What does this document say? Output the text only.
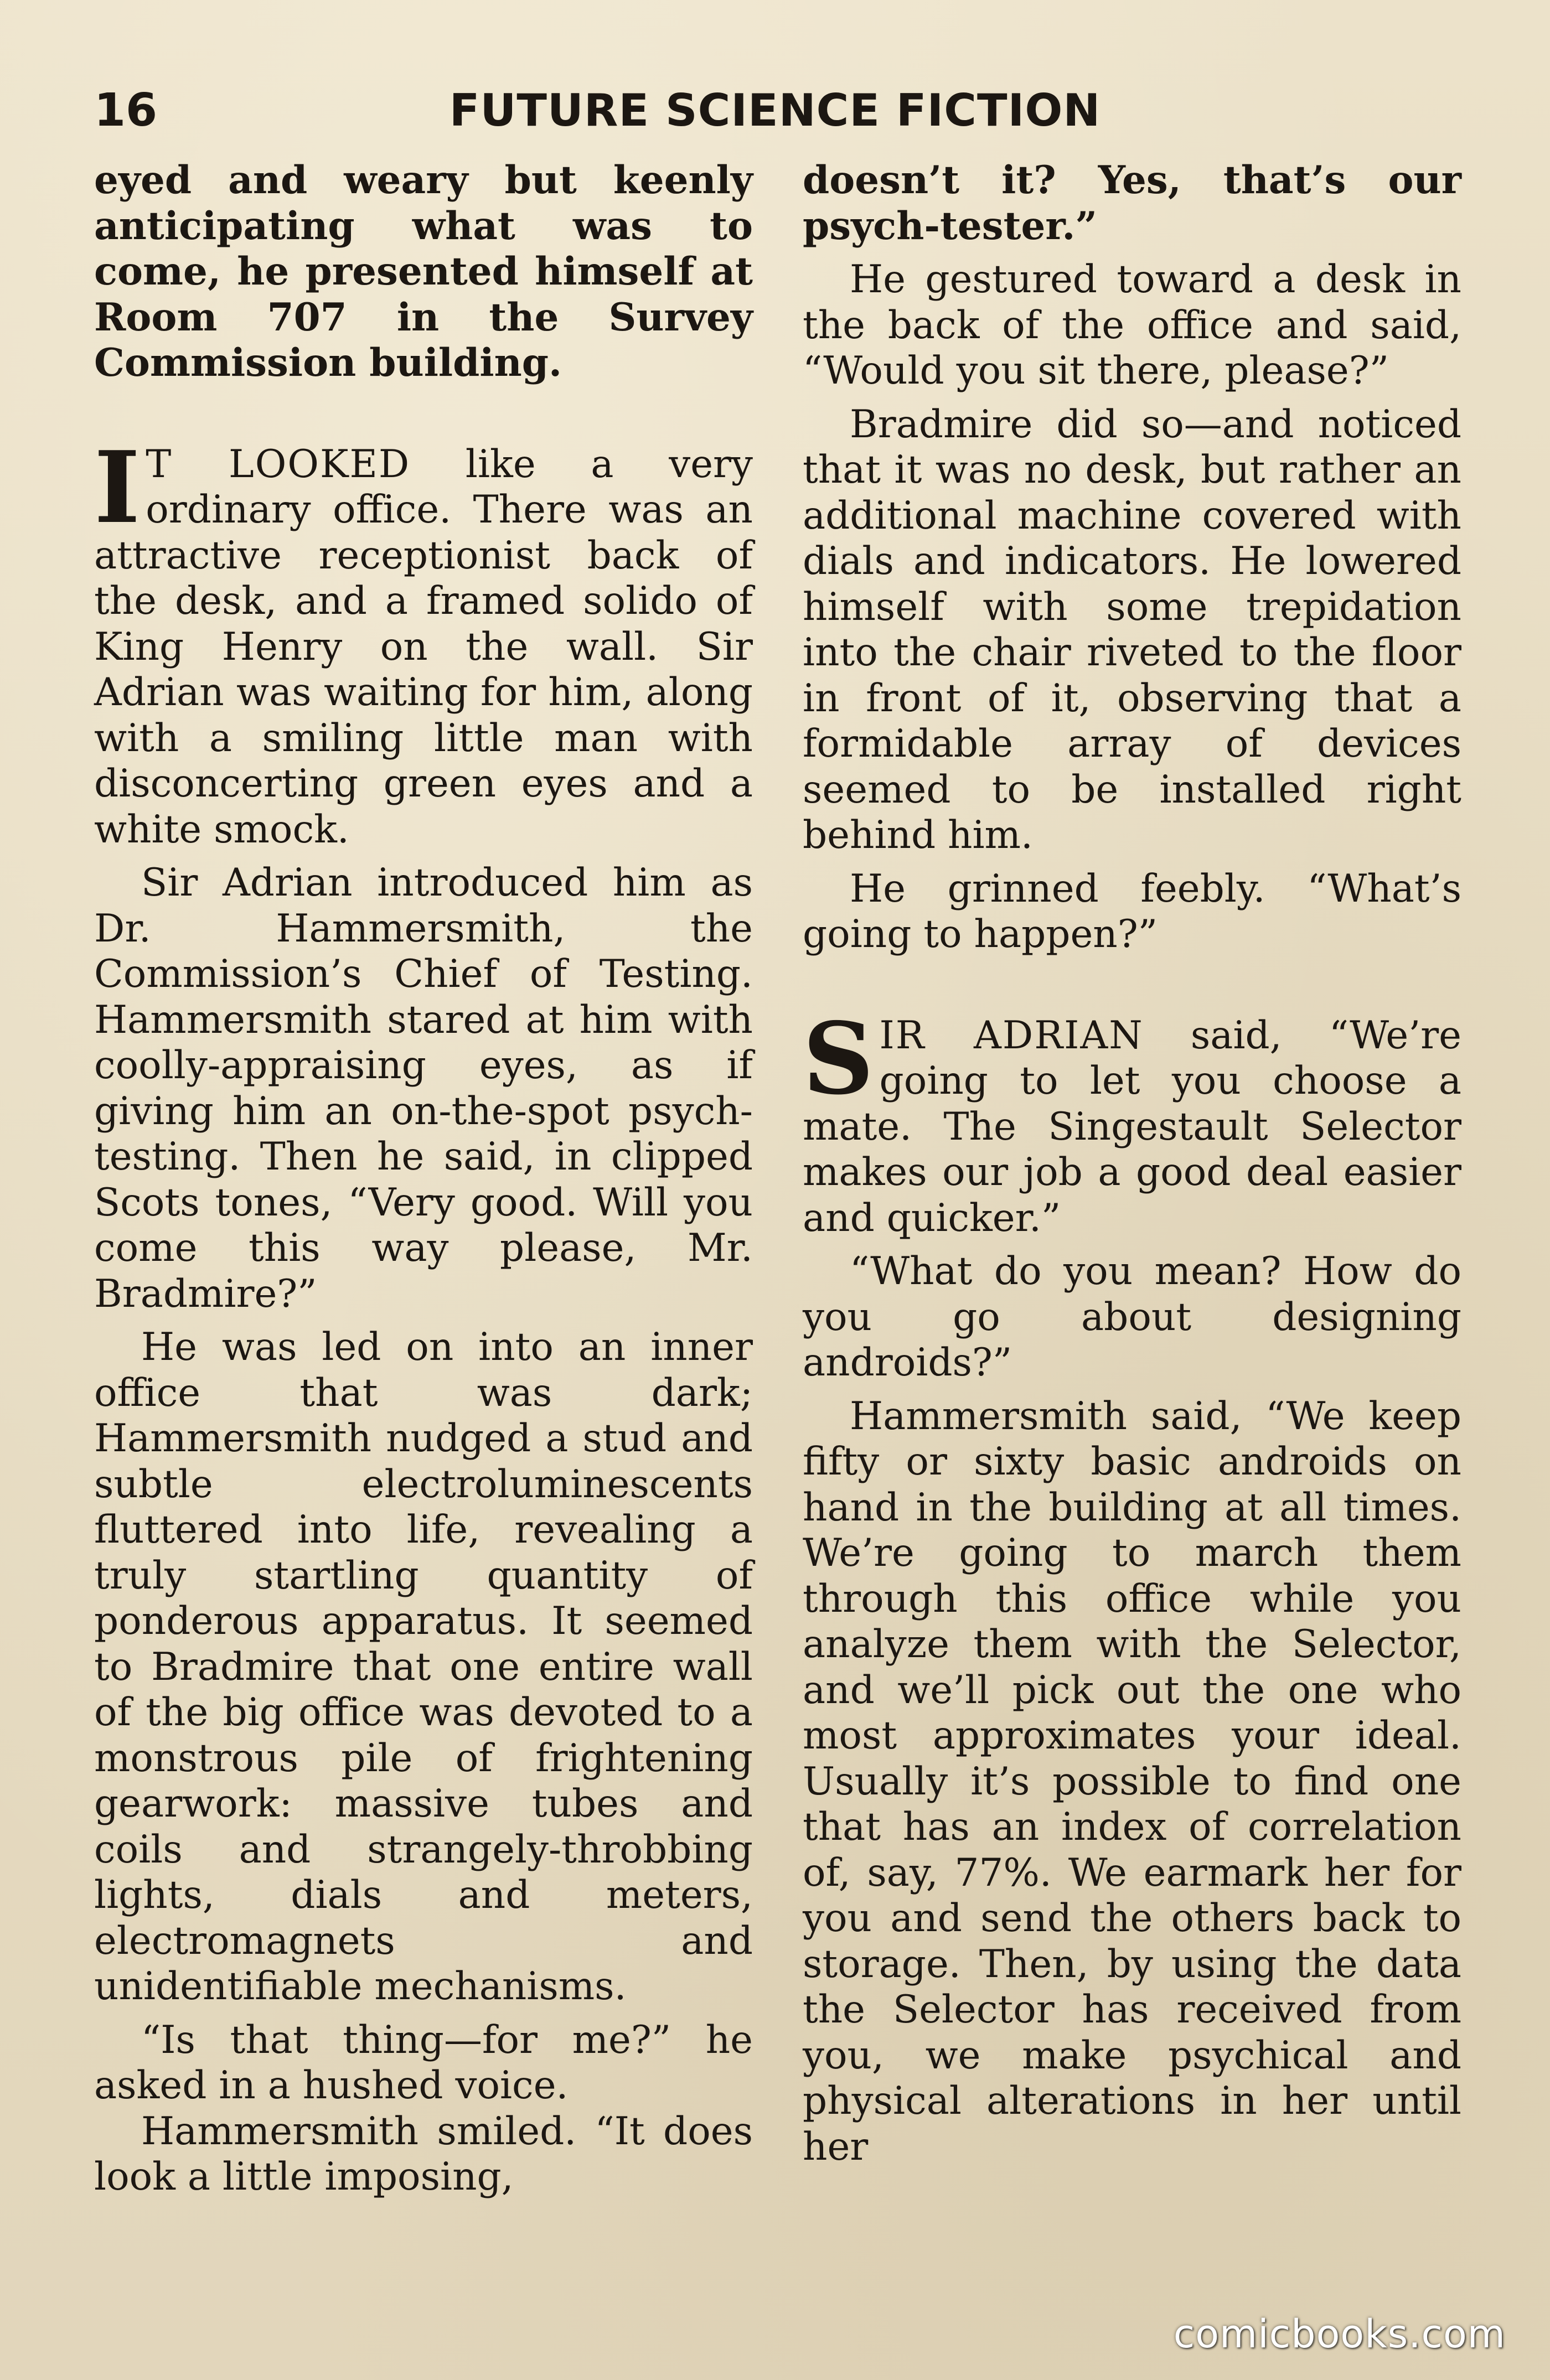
16	FUTURE SCIENCE FICTION

eyed and weary but keenly anticipating what was to come, he presented himself at Room 707 in the Survey Commission building.

I T LOOKED like a very ordinary office. There was an attractive receptionist back of the desk, and a framed solido of King Henry on the wall. Sir Adrian was waiting for him, along with a smiling little man with disconcerting green eyes and a white smock.

Sir Adrian introduced him as Dr. Hammersmith, the Commission’s Chief of Testing. Hammersmith stared at him with coolly-appraising eyes, as if giving him an on-the-spot psych-testing. Then he said, in clipped Scots tones, “Very good. Will you come this way please, Mr. Bradmire?”

He was led on into an inner office that was dark; Hammersmith nudged a stud and subtle electroluminescents fluttered into life, revealing a truly startling quantity of ponderous apparatus. It seemed to Bradmire that one entire wall of the big office was devoted to a monstrous pile of frightening gearwork: massive tubes and coils and strangely-throbbing lights, dials and meters, electromagnets and unidentifiable mechanisms.

“Is that thing—for me?” he asked in a hushed voice.

Hammersmith smiled. “It does look a little imposing,

doesn’t it? Yes, that’s our psych-tester.”

He gestured toward a desk in the back of the office and said, “Would you sit there, please?”

Bradmire did so—and noticed that it was no desk, but rather an additional machine covered with dials and indicators. He lowered himself with some trepidation into the chair riveted to the floor in front of it, observing that a formidable array of devices seemed to be installed right behind him.

He grinned feebly. “What’s going to happen?”

SIR ADRIAN said, “We’re going to let you choose a mate. The Singestault Selector makes our job a good deal easier and quicker.”

“What do you mean? How do you go about designing androids?”

Hammersmith said, “We keep fifty or sixty basic androids on hand in the building at all times. We’re going to march them through this office while you analyze them with the Selector, and we’ll pick out the one who most approximates your ideal. Usually it’s possible to find one that has an index of correlation of, say, 77%. We earmark her for you and send the others back to storage. Then, by using the data the Selector has received from you, we make psychical and physical alterations in her until her

comicbooks.com
